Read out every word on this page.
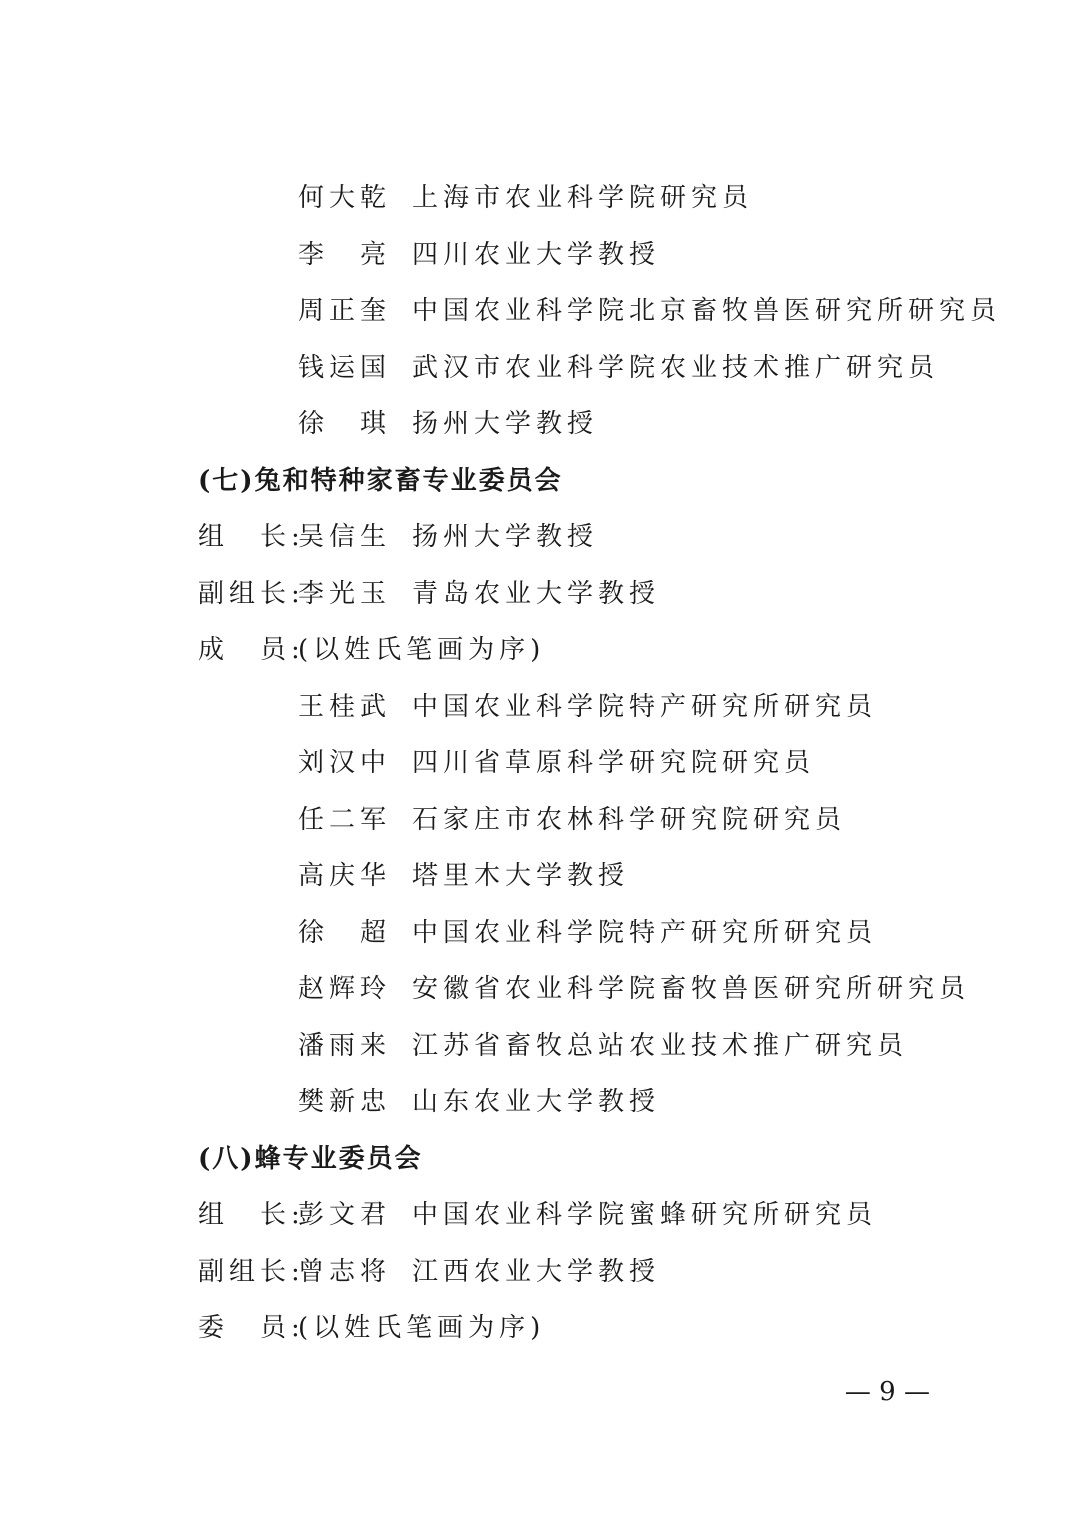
何大乾 上海市农业科学院研究员
李　亮 四川农业大学教授
周正奎 中国农业科学院北京畜牧兽医研究所研究员
钱运国 武汉市农业科学院农业技术推广研究员
徐　琪 扬州大学教授
(七)兔和特种家畜专业委员会
组　长:
吴信生 扬州大学教授
副组长:
李光玉 青岛农业大学教授
成　员:
(以姓氏笔画为序)
王桂武 中国农业科学院特产研究所研究员
刘汉中 四川省草原科学研究院研究员
任二军 石家庄市农林科学研究院研究员
高庆华 塔里木大学教授
徐　超 中国农业科学院特产研究所研究员
赵辉玲 安徽省农业科学院畜牧兽医研究所研究员
潘雨来 江苏省畜牧总站农业技术推广研究员
樊新忠 山东农业大学教授
(八)蜂专业委员会
组　长:
彭文君 中国农业科学院蜜蜂研究所研究员
副组长:
曾志将 江西农业大学教授
委　员:
(以姓氏笔画为序)
— 9 —
